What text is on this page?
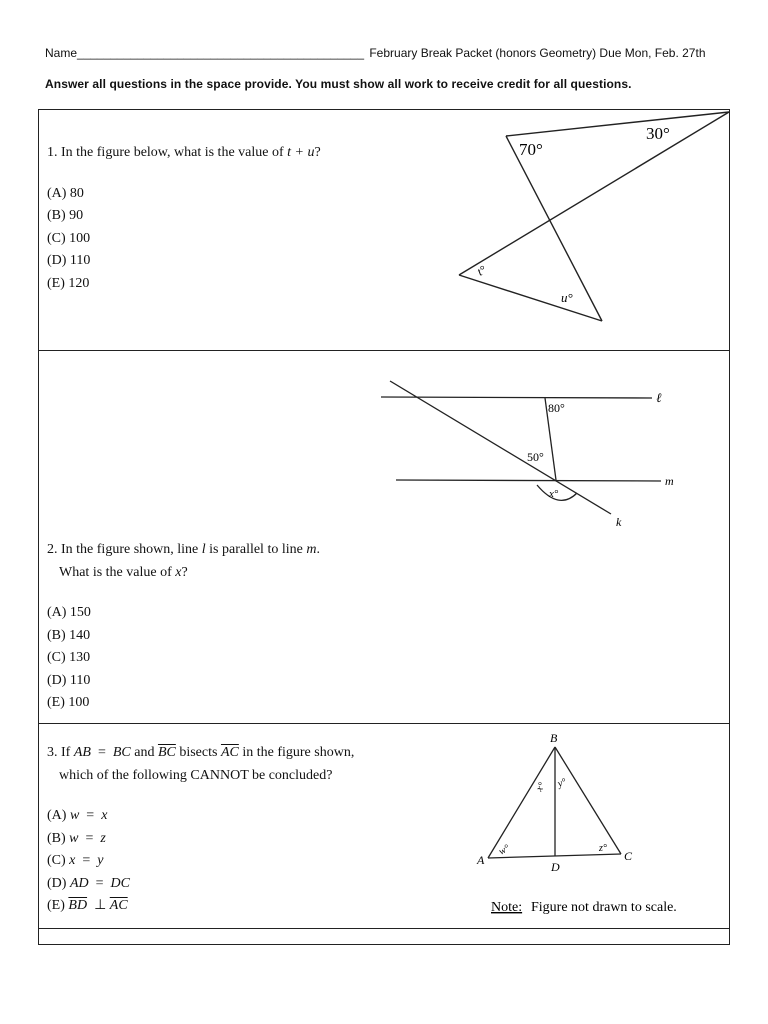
Name___________________________________________ February Break Packet (honors Geometry) Due Mon, Feb. 27th
Answer all questions in the space provide. You must show all work to receive credit for all questions.

1. In the figure below, what is the value of t + u?

(A) 80

(B) 90

(C) 100

(D) 110

(E) 120

70°
30°
t°
u°
80°
50°
x°
ℓ
m
k

2. In the figure shown, line l is parallel to line m.

What is the value of x?

(A) 150

(B) 140

(C) 130

(D) 110

(E) 100

3. If AB = BC and $\overline{BC}$ bisects $\overline{AC}$ in the figure shown,

which of the following CANNOT be concluded?

(A) w = x

(B) w = z

(C) x = y

(D) AD = DC

(E) $\overline{BD}$ ⊥ $\overline{AC}$

B
A	C
D
x° y°
w°	z°
Note: Figure not drawn to scale.
